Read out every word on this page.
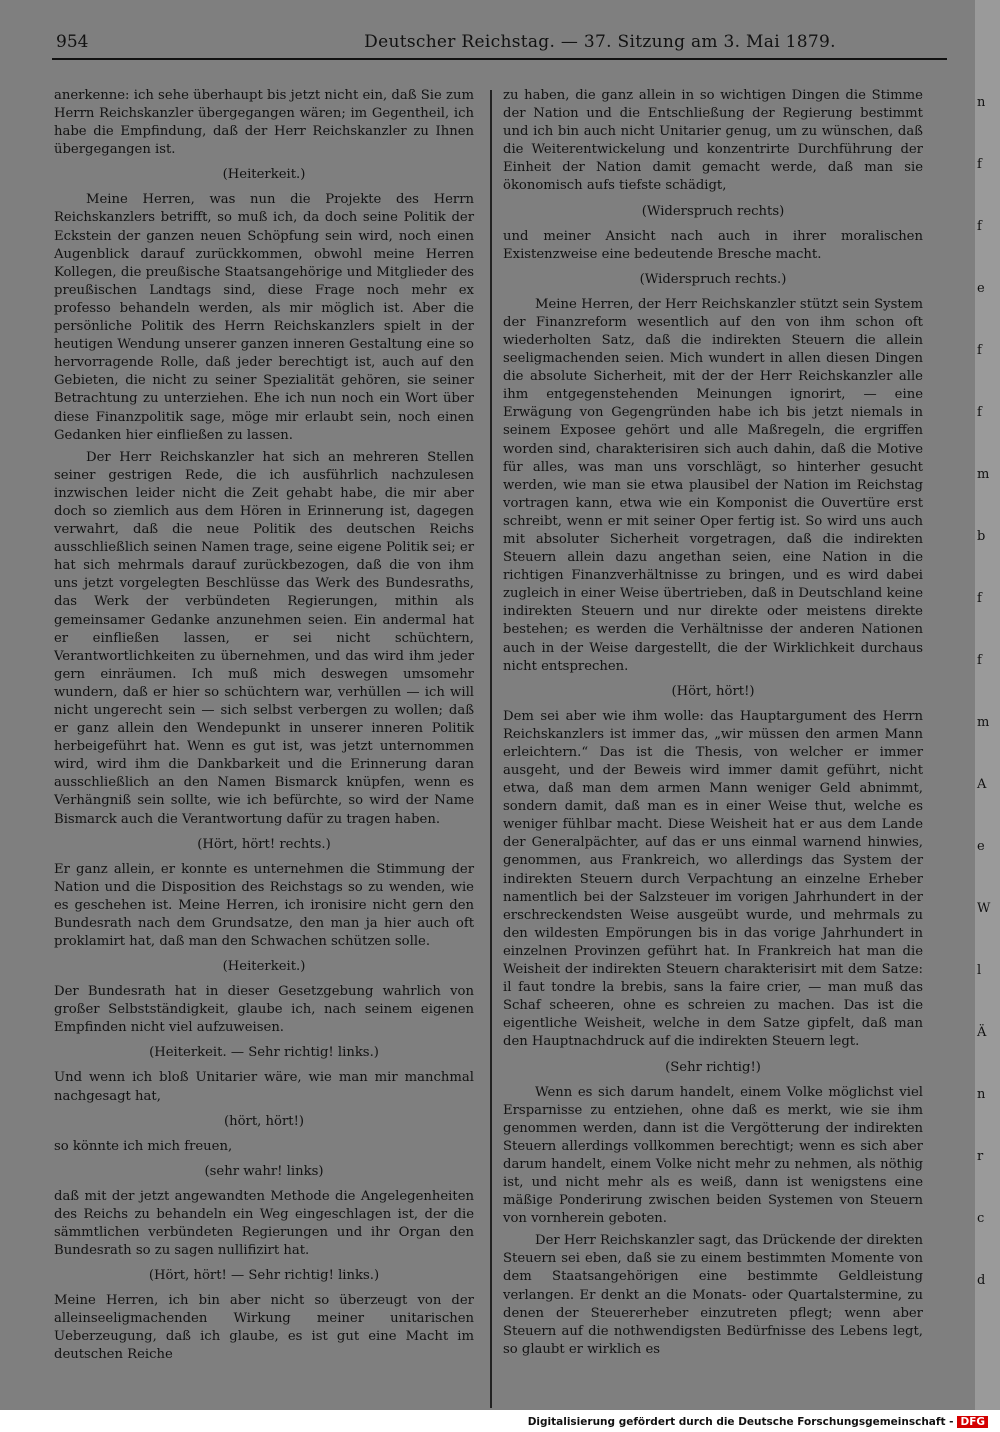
954	Deutscher Reichstag. — 37. Sitzung am 3. Mai 1879.

anerkenne: ich sehe überhaupt bis jetzt nicht ein, daß Sie zum Herrn Reichskanzler übergegangen wären; im Gegentheil, ich habe die Empfindung, daß der Herr Reichskanzler zu Ihnen übergegangen ist.

(Heiterkeit.)

Meine Herren, was nun die Projekte des Herrn Reichskanzlers betrifft, so muß ich, da doch seine Politik der Eckstein der ganzen neuen Schöpfung sein wird, noch einen Augenblick darauf zurückkommen, obwohl meine Herren Kollegen, die preußische Staatsangehörige und Mitglieder des preußischen Landtags sind, diese Frage noch mehr ex professo behandeln werden, als mir möglich ist. Aber die persönliche Politik des Herrn Reichskanzlers spielt in der heutigen Wendung unserer ganzen inneren Gestaltung eine so hervorragende Rolle, daß jeder berechtigt ist, auch auf den Gebieten, die nicht zu seiner Spezialität gehören, sie seiner Betrachtung zu unterziehen. Ehe ich nun noch ein Wort über diese Finanzpolitik sage, möge mir erlaubt sein, noch einen Gedanken hier einfließen zu lassen.

Der Herr Reichskanzler hat sich an mehreren Stellen seiner gestrigen Rede, die ich ausführlich nachzulesen inzwischen leider nicht die Zeit gehabt habe, die mir aber doch so ziemlich aus dem Hören in Erinnerung ist, dagegen verwahrt, daß die neue Politik des deutschen Reichs ausschließlich seinen Namen trage, seine eigene Politik sei; er hat sich mehrmals darauf zurückbezogen, daß die von ihm uns jetzt vorgelegten Beschlüsse das Werk des Bundesraths, das Werk der verbündeten Regierungen, mithin als gemeinsamer Gedanke anzunehmen seien. Ein andermal hat er einfließen lassen, er sei nicht schüchtern, Verantwortlichkeiten zu übernehmen, und das wird ihm jeder gern einräumen. Ich muß mich deswegen umsomehr wundern, daß er hier so schüchtern war, verhüllen — ich will nicht ungerecht sein — sich selbst verbergen zu wollen; daß er ganz allein den Wendepunkt in unserer inneren Politik herbeigeführt hat. Wenn es gut ist, was jetzt unternommen wird, wird ihm die Dankbarkeit und die Erinnerung daran ausschließlich an den Namen Bismarck knüpfen, wenn es Verhängniß sein sollte, wie ich befürchte, so wird der Name Bismarck auch die Verantwortung dafür zu tragen haben.

(Hört, hört! rechts.)

Er ganz allein, er konnte es unternehmen die Stimmung der Nation und die Disposition des Reichstags so zu wenden, wie es geschehen ist. Meine Herren, ich ironisire nicht gern den Bundesrath nach dem Grundsatze, den man ja hier auch oft proklamirt hat, daß man den Schwachen schützen solle.

(Heiterkeit.)

Der Bundesrath hat in dieser Gesetzgebung wahrlich von großer Selbstständigkeit, glaube ich, nach seinem eigenen Empfinden nicht viel aufzuweisen.

(Heiterkeit. — Sehr richtig! links.)

Und wenn ich bloß Unitarier wäre, wie man mir manchmal nachgesagt hat,

(hört, hört!)

so könnte ich mich freuen,

(sehr wahr! links)

daß mit der jetzt angewandten Methode die Angelegenheiten des Reichs zu behandeln ein Weg eingeschlagen ist, der die sämmtlichen verbündeten Regierungen und ihr Organ den Bundesrath so zu sagen nullifizirt hat.

(Hört, hört! — Sehr richtig! links.)

Meine Herren, ich bin aber nicht so überzeugt von der alleinseeligmachenden Wirkung meiner unitarischen Ueberzeugung, daß ich glaube, es ist gut eine Macht im deutschen Reiche

zu haben, die ganz allein in so wichtigen Dingen die Stimme der Nation und die Entschließung der Regierung bestimmt und ich bin auch nicht Unitarier genug, um zu wünschen, daß die Weiterentwickelung und konzentrirte Durchführung der Einheit der Nation damit gemacht werde, daß man sie ökonomisch aufs tiefste schädigt,

(Widerspruch rechts)

und meiner Ansicht nach auch in ihrer moralischen Existenzweise eine bedeutende Bresche macht.

(Widerspruch rechts.)

Meine Herren, der Herr Reichskanzler stützt sein System der Finanzreform wesentlich auf den von ihm schon oft wiederholten Satz, daß die indirekten Steuern die allein seeligmachenden seien. Mich wundert in allen diesen Dingen die absolute Sicherheit, mit der der Herr Reichskanzler alle ihm entgegenstehenden Meinungen ignorirt, — eine Erwägung von Gegengründen habe ich bis jetzt niemals in seinem Exposee gehört und alle Maßregeln, die ergriffen worden sind, charakterisiren sich auch dahin, daß die Motive für alles, was man uns vorschlägt, so hinterher gesucht werden, wie man sie etwa plausibel der Nation im Reichstag vortragen kann, etwa wie ein Komponist die Ouvertüre erst schreibt, wenn er mit seiner Oper fertig ist. So wird uns auch mit absoluter Sicherheit vorgetragen, daß die indirekten Steuern allein dazu angethan seien, eine Nation in die richtigen Finanzverhältnisse zu bringen, und es wird dabei zugleich in einer Weise übertrieben, daß in Deutschland keine indirekten Steuern und nur direkte oder meistens direkte bestehen; es werden die Verhältnisse der anderen Nationen auch in der Weise dargestellt, die der Wirklichkeit durchaus nicht entsprechen.

(Hört, hört!)

Dem sei aber wie ihm wolle: das Hauptargument des Herrn Reichskanzlers ist immer das, „wir müssen den armen Mann erleichtern.“ Das ist die Thesis, von welcher er immer ausgeht, und der Beweis wird immer damit geführt, nicht etwa, daß man dem armen Mann weniger Geld abnimmt, sondern damit, daß man es in einer Weise thut, welche es weniger fühlbar macht. Diese Weisheit hat er aus dem Lande der Generalpächter, auf das er uns einmal warnend hinwies, genommen, aus Frankreich, wo allerdings das System der indirekten Steuern durch Verpachtung an einzelne Erheber namentlich bei der Salzsteuer im vorigen Jahrhundert in der erschreckendsten Weise ausgeübt wurde, und mehrmals zu den wildesten Empörungen bis in das vorige Jahrhundert in einzelnen Provinzen geführt hat. In Frankreich hat man die Weisheit der indirekten Steuern charakterisirt mit dem Satze: il faut tondre la brebis, sans la faire crier, — man muß das Schaf scheeren, ohne es schreien zu machen. Das ist die eigentliche Weisheit, welche in dem Satze gipfelt, daß man den Hauptnachdruck auf die indirekten Steuern legt.

(Sehr richtig!)

Wenn es sich darum handelt, einem Volke möglichst viel Ersparnisse zu entziehen, ohne daß es merkt, wie sie ihm genommen werden, dann ist die Vergötterung der indirekten Steuern allerdings vollkommen berechtigt; wenn es sich aber darum handelt, einem Volke nicht mehr zu nehmen, als nöthig ist, und nicht mehr als es weiß, dann ist wenigstens eine mäßige Ponderirung zwischen beiden Systemen von Steuern von vornherein geboten.

Der Herr Reichskanzler sagt, das Drückende der direkten Steuern sei eben, daß sie zu einem bestimmten Momente von dem Staatsangehörigen eine bestimmte Geldleistung verlangen. Er denkt an die Monats- oder Quartalstermine, zu denen der Steuererheber einzutreten pflegt; wenn aber Steuern auf die nothwendigsten Bedürfnisse des Lebens legt, so glaubt er wirklich es

n
f
f
e
f
f
m
b
f
f
m
A
e
W
l
Ä
n
r
c
d
Digitalisierung gefördert durch die Deutsche Forschungsgemeinschaft - DFG
